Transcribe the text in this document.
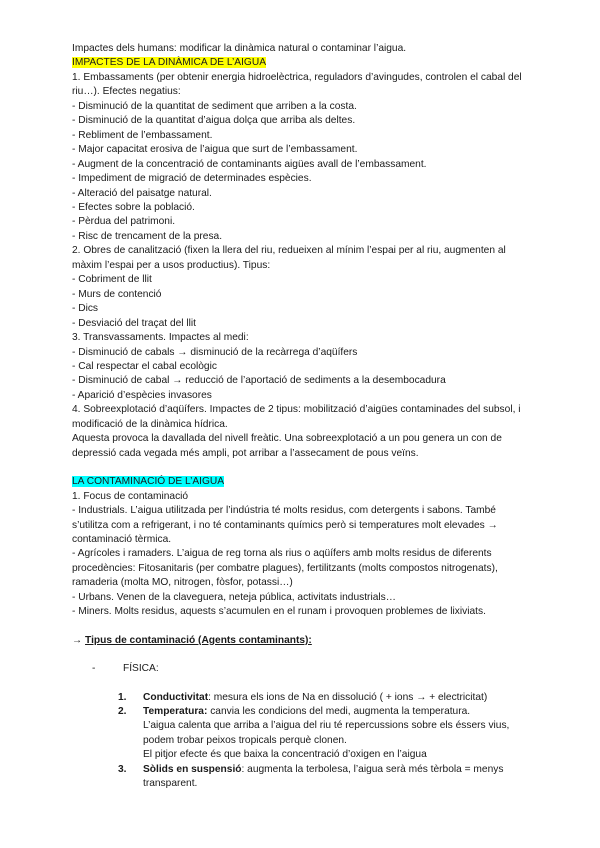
Impactes dels humans: modificar la dinàmica natural o contaminar l’aigua.

IMPACTES DE LA DINÀMICA DE L’AIGUA

1. Embassaments (per obtenir energia hidroelèctrica, reguladors d’avingudes, controlen el cabal del riu…). Efectes negatius:

- Disminució de la quantitat de sediment que arriben a la costa.

- Disminució de la quantitat d’aigua dolça que arriba als deltes.

- Rebliment de l’embassament.

- Major capacitat erosiva de l’aigua que surt de l’embassament.

- Augment de la concentració de contaminants aigües avall de l’embassament.

- Impediment de migració de determinades espècies.

- Alteració del paisatge natural.

- Efectes sobre la població.

- Pèrdua del patrimoni.

- Risc de trencament de la presa.

2. Obres de canalització (fixen la llera del riu, redueixen al mínim l’espai per al riu, augmenten al màxim l’espai per a usos productius). Tipus:

- Cobriment de llit

- Murs de contenció

- Dics

- Desviació del traçat del llit

3. Transvassaments. Impactes al medi:

- Disminució de cabals → disminució de la recàrrega d’aqüífers

- Cal respectar el cabal ecològic

- Disminució de cabal → reducció de l’aportació de sediments a la desembocadura

- Aparició d’espècies invasores

4. Sobreexplotació d’aqüífers. Impactes de 2 tipus: mobilització d’aigües contaminades del subsol, i modificació de la dinàmica hídrica.

Aquesta provoca la davallada del nivell freàtic. Una sobreexplotació a un pou genera un con de depressió cada vegada més ampli, pot arribar a l’assecament de pous veïns.

LA CONTAMINACIÓ DE L’AIGUA

1. Focus de contaminació

- Industrials. L’aigua utilitzada per l’indústria té molts residus, com detergents i sabons. També s’utilitza com a refrigerant, i no té contaminants químics però si temperatures molt elevades → contaminació tèrmica.

- Agrícoles i ramaders. L’aigua de reg torna als rius o aqüífers amb molts residus de diferents procedències: Fitosanitaris (per combatre plagues), fertilitzants (molts compostos nitrogenats), ramaderia (molta MO, nitrogen, fòsfor, potassi…)

- Urbans. Venen de la claveguera, neteja pública, activitats industrials…

- Miners. Molts residus, aquests s’acumulen en el runam i provoquen problemes de lixiviats.

→ Tipus de contaminació (Agents contaminants):

-	FÍSICA:
1. Conductivitat: mesura els ions de Na en dissolució ( + ions → + electricitat)
2. Temperatura: canvia les condicions del medi, augmenta la temperatura.

L’aigua calenta que arriba a l’aigua del riu té repercussions sobre els éssers vius, podem trobar peixos tropicals perquè clonen.

El pitjor efecte és que baixa la concentració d’oxigen en l’aigua

3. Sòlids en suspensió: augmenta la terbolesa, l’aigua serà més tèrbola = menys transparent.
